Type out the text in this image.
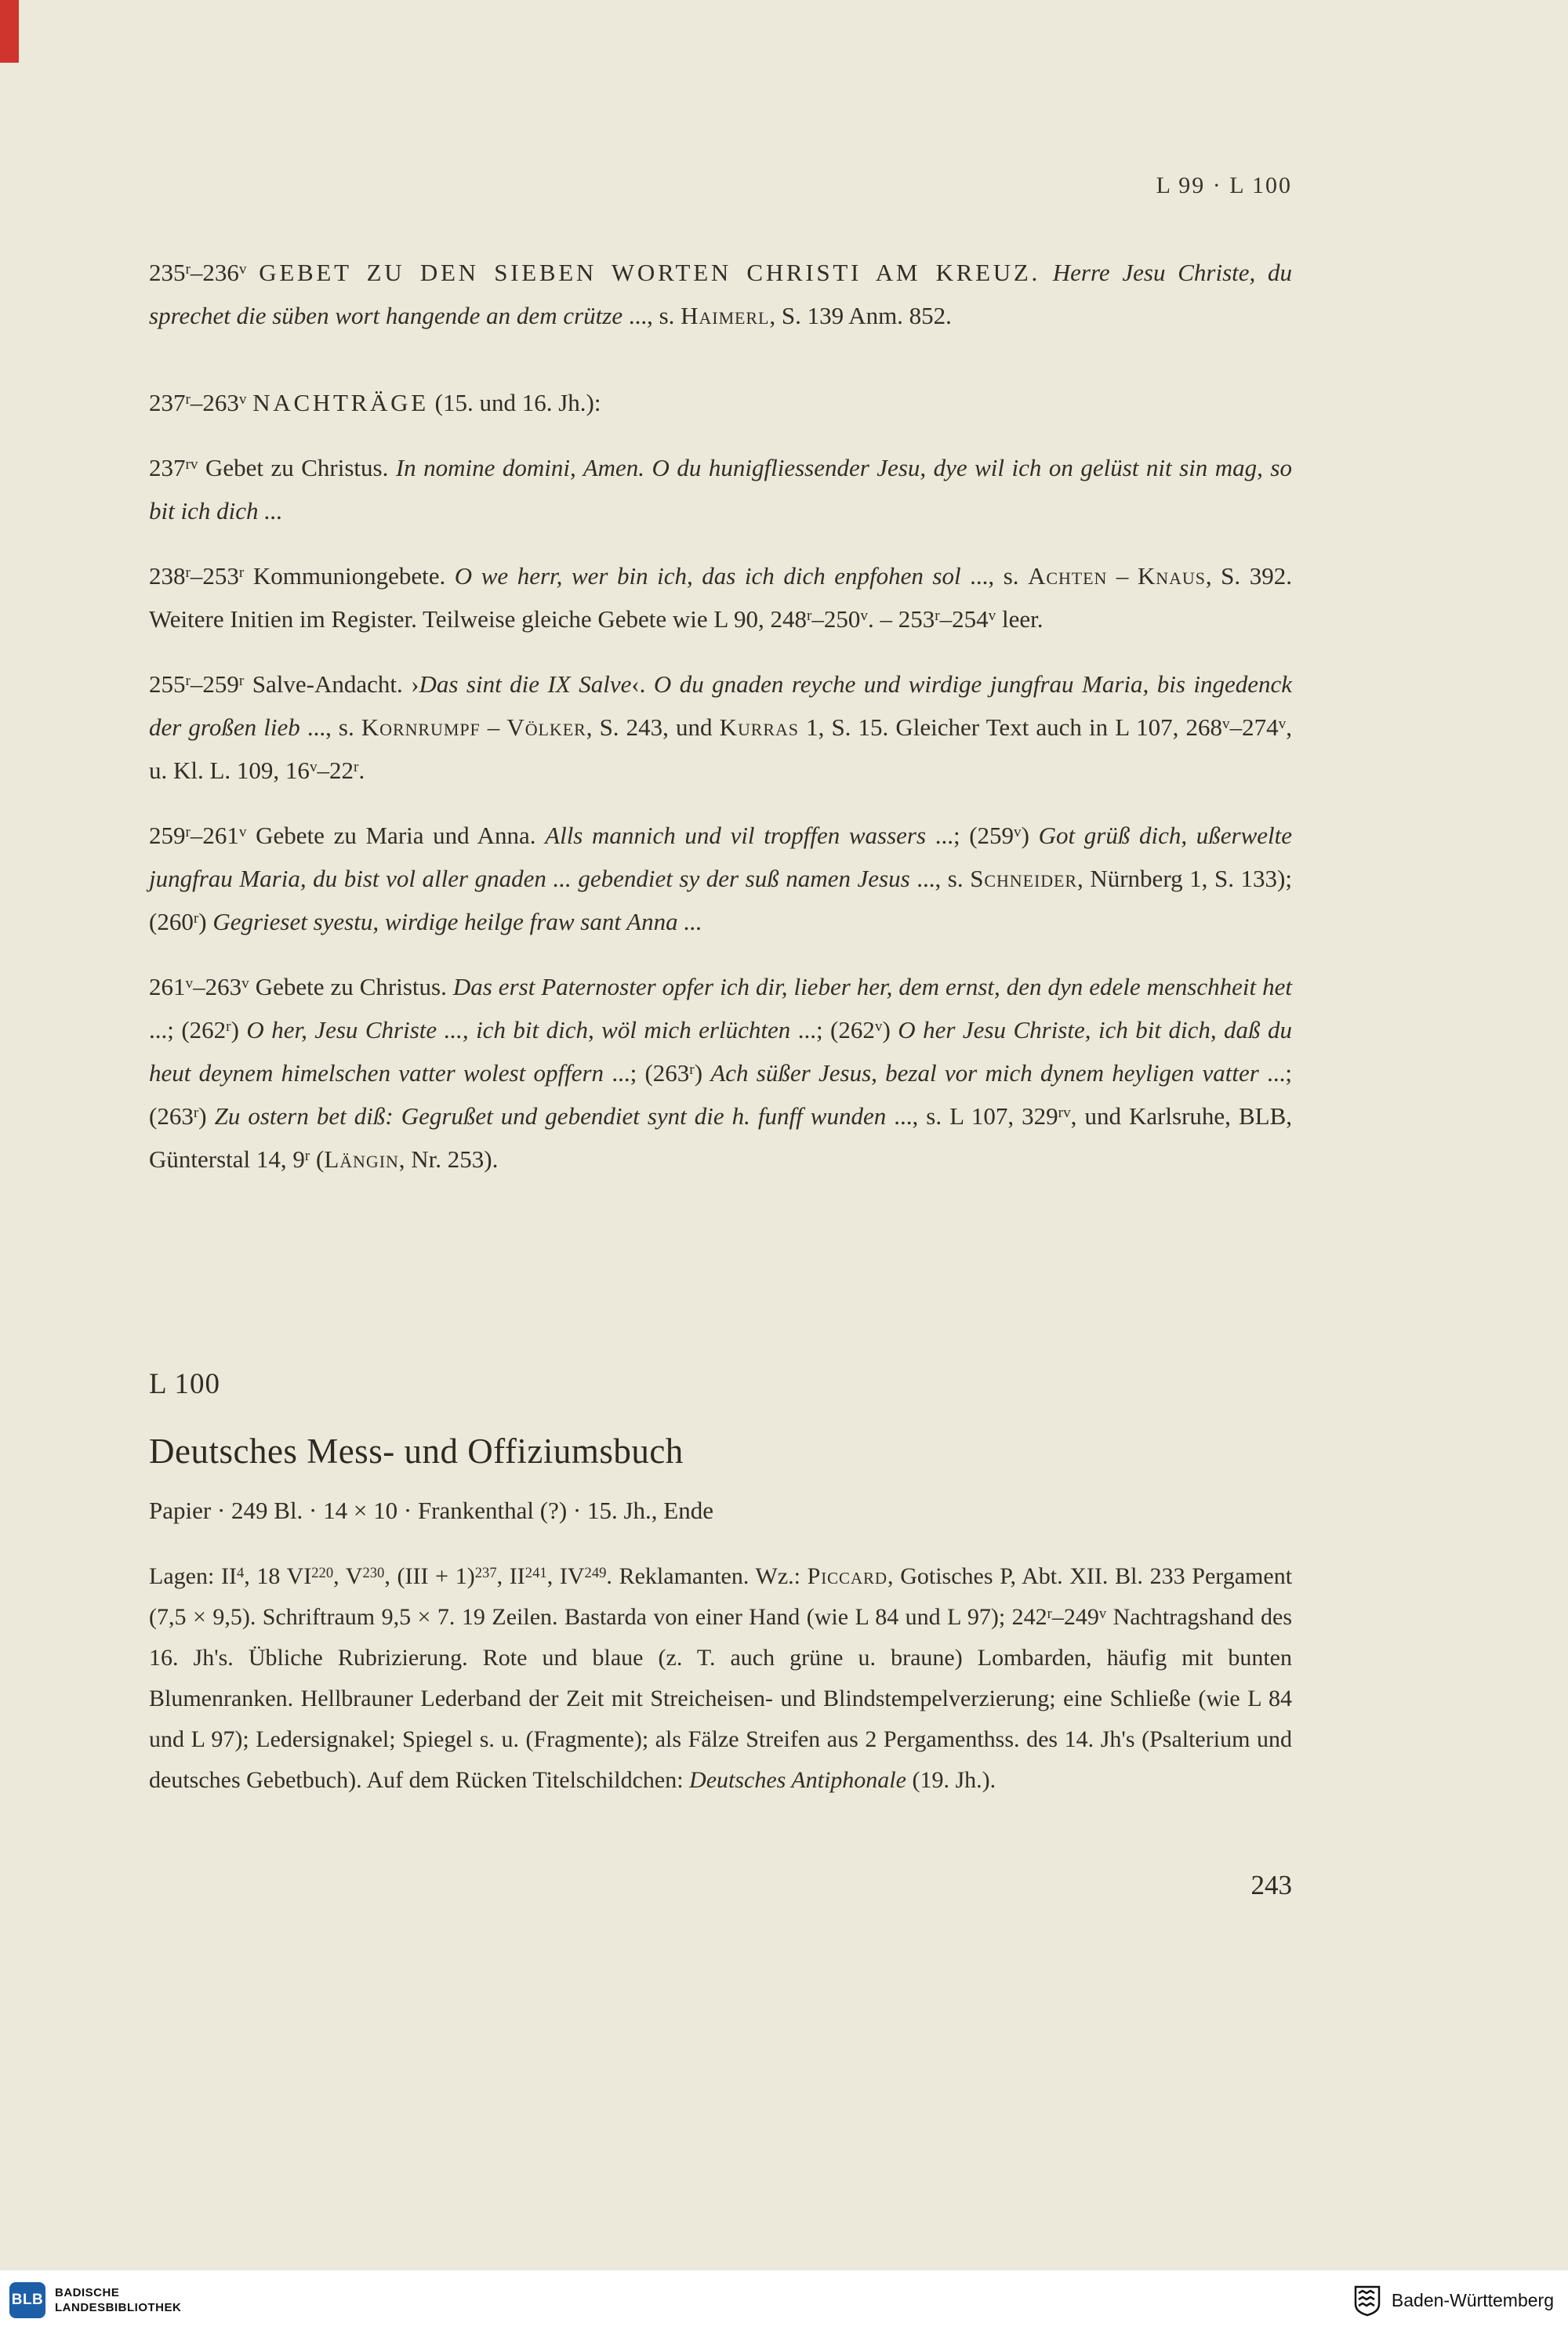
L 99 · L 100

235$^r$–236$^v$ GEBET ZU DEN SIEBEN WORTEN CHRISTI AM KREUZ. Herre Jesu Christe, du sprechet die süben wort hangende an dem crütze ..., s. Haimerl, S. 139 Anm. 852.

237$^r$–263$^v$ NACHTRÄGE (15. und 16. Jh.):

$237^{rv}$ Gebet zu Christus. In nomine domini, Amen. O du hunigfliessender Jesu, dye wil ich on gelüst nit sin mag, so bit ich dich ...

238$^r$–253$^r$ Kommuniongebete. O we herr, wer bin ich, das ich dich enpfohen sol ..., s. Achten – Knaus, S. 392. Weitere Initien im Register. Teilweise gleiche Gebete wie L 90, 248$^r$–250$^v$. – 253$^r$–254$^v$ leer.

255$^r$–259$^r$ Salve-Andacht. ›Das sint die IX Salve‹. O du gnaden reyche und wirdige jungfrau Maria, bis ingedenck der großen lieb ..., s. Kornrumpf – Völker, S. 243, und Kurras 1, S. 15. Gleicher Text auch in L 107, 268$^v$–274$^v$, u. Kl. L. 109, 16$^v$–22$^r$.

259$^r$–261$^v$ Gebete zu Maria und Anna. Alls mannich und vil tropffen wassers ...; (259$^v$) Got grüß dich, ußerwelte jungfrau Maria, du bist vol aller gnaden ... gebendiet sy der suß namen Jesus ..., s. Schneider, Nürnberg 1, S. 133); (260$^r$) Gegrieset syestu, wirdige heilge fraw sant Anna ...

261$^v$–263$^v$ Gebete zu Christus. Das erst Paternoster opfer ich dir, lieber her, dem ernst, den dyn edele menschheit het ...; (262$^r$) O her, Jesu Christe ..., ich bit dich, wöl mich erlüchten ...; (262$^v$) O her Jesu Christe, ich bit dich, daß du heut deynem himelschen vatter wolest opffern ...; (263$^r$) Ach süßer Jesus, bezal vor mich dynem heyligen vatter ...; (263$^r$) Zu ostern bet diß: Gegrußet und gebendiet synt die h. funff wunden ..., s. L 107, $329^{rv}$, und Karlsruhe, BLB, Günterstal 14, 9$^r$ (Längin, Nr. 253).

L 100
Deutsches Mess- und Offiziumsbuch
Papier · 249 Bl. · 14 × 10 · Frankenthal (?) · 15. Jh., Ende

Lagen: $II^4$, 18 VI$^{220}$, $V^{230}$, (III + 1)$^{237}$, II$^{241}$, IV$^{249}$. Reklamanten. Wz.: Piccard, Gotisches P, Abt. XII. Bl. 233 Pergament (7,5 × 9,5). Schriftraum 9,5 × 7. 19 Zeilen. Bastarda von einer Hand (wie L 84 und L 97); 242$^r$–249$^v$ Nachtragshand des 16. Jh's. Übliche Rubrizierung. Rote und blaue (z. T. auch grüne u. braune) Lombarden, häufig mit bunten Blumenranken. Hellbrauner Lederband der Zeit mit Streicheisen- und Blindstempelverzierung; eine Schließe (wie L 84 und L 97); Ledersignakel; Spiegel s. u. (Fragmente); als Fälze Streifen aus 2 Pergamenthss. des 14. Jh's (Psalterium und deutsches Gebetbuch). Auf dem Rücken Titelschildchen: Deutsches Antiphonale (19. Jh.).

243
BLB BADISCHE
LANDESBIBLIOTHEK	Baden-Württemberg
